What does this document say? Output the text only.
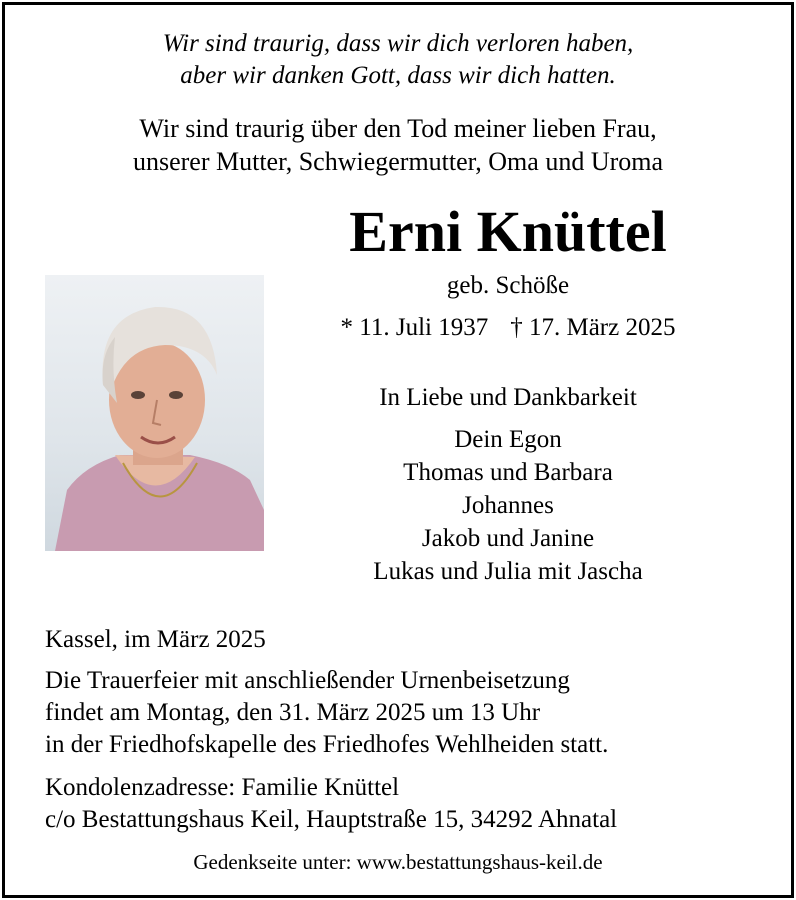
Wir sind traurig, dass wir dich verloren haben,
aber wir danken Gott, dass wir dich hatten.
Wir sind traurig über den Tod meiner lieben Frau,
unserer Mutter, Schwiegermutter, Oma und Uroma
Erni Knüttel
geb. Schöße
* 11. Juli 1937 † 17. März 2025
In Liebe und Dankbarkeit
Dein Egon
Thomas und Barbara
Johannes
Jakob und Janine
Lukas und Julia mit Jascha
Kassel, im März 2025
Die Trauerfeier mit anschließender Urnenbeisetzung
findet am Montag, den 31. März 2025 um 13 Uhr
in der Friedhofskapelle des Friedhofes Wehlheiden statt.
Kondolenzadresse: Familie Knüttel
c/o Bestattungshaus Keil, Hauptstraße 15, 34292 Ahnatal
Gedenkseite unter: www.bestattungshaus-keil.de
